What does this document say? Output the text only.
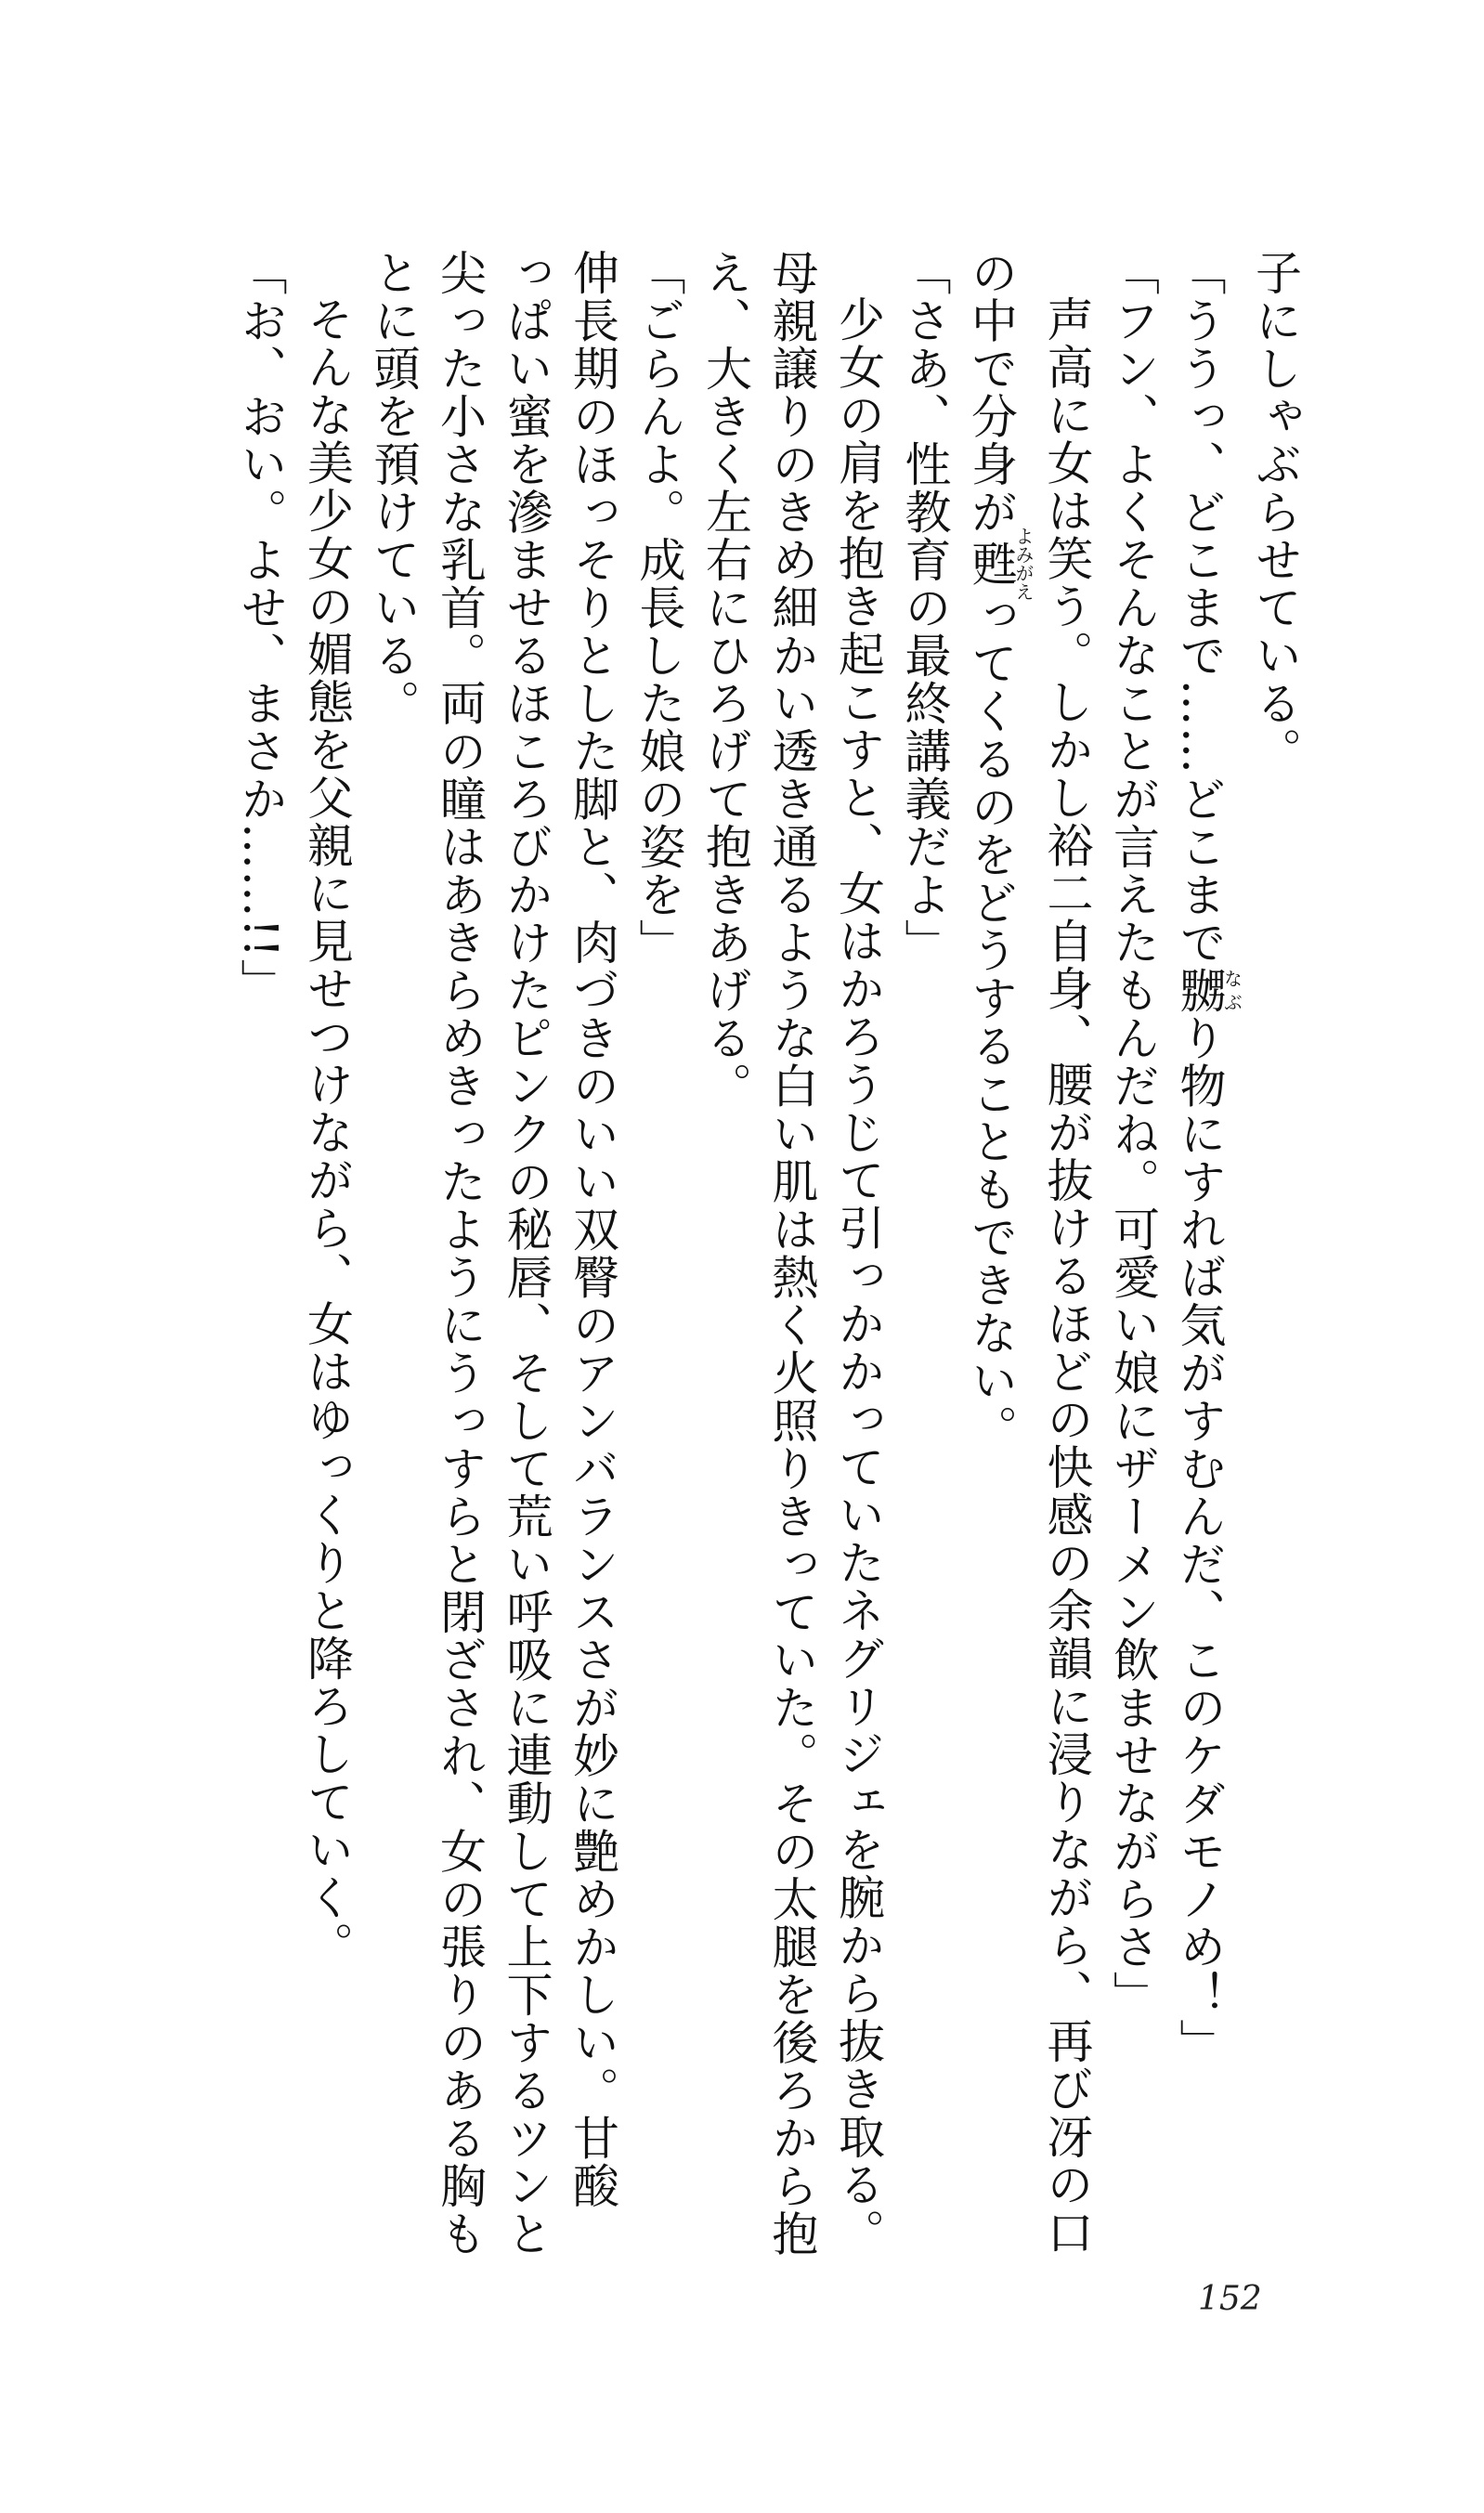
子にしゃぶらせている。
「ううっ、どこまで……どこまで嬲なぶり物にすれば気がすむんだ、このケダモノめ！」
「フン、よくそんなことが言えたもんだね。可愛い娘にザーメン飲ませながらさ」
声高に女は笑う。しかし裕二自身、腰が抜けるほどの快感の余韻に浸りながら、再び冴の口
の中で分身が甦よみがえってくるのをどうすることもできない。
「さあ、性教育の最終講義だよ」
少女の肩を抱き起こすと、女はかろうじて引っかかっていたネグリジェを腕から抜き取る。
母親譲りのきめ細かい透き通るような白い肌は熱く火照りきっていた。その太腿を後ろから抱
え、大きく左右にひろげて抱きあげる。
「ごらんよ。成長した娘の姿を」
伸長期のほっそりとした脚と、肉づきのいい双臀のアンバランスさが妙に艶めかしい。甘酸
っぱい蜜を滲ませるほころびかけたピンクの秘唇、そして荒い呼吸に連動して上下するツンと
尖った小さな乳首。両の瞳はあきらめきったようにうっすらと閉ざされ、女の張りのある胸も
とに頭を預けている。
そんな美少女の媚態を父親に見せつけながら、女はゆっくりと降ろしていく。
「お、おい。よせ、まさか……!!」
152
